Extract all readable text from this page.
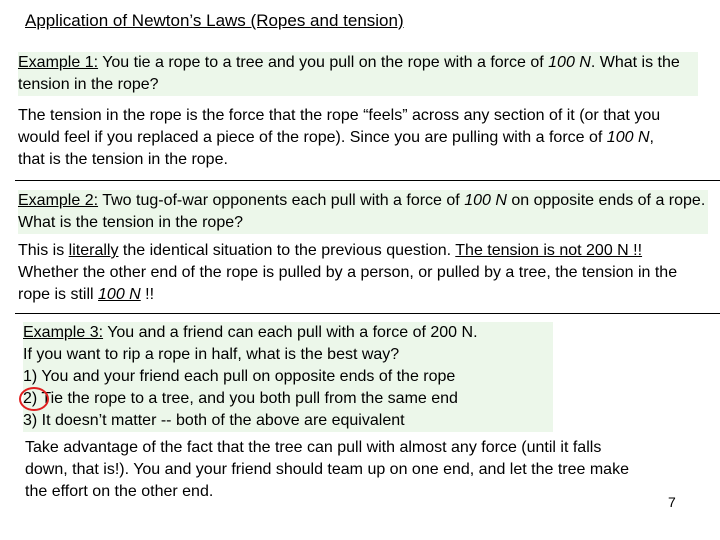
Application of Newton’s Laws (Ropes and tension)
Example 1: You tie a rope to a tree and you pull on the rope with a force of 100 N. What is the tension in the rope?
The tension in the rope is the force that the rope “feels” across any section of it (or that you would feel if you replaced a piece of the rope). Since you are pulling with a force of 100 N, that is the tension in the rope.
Example 2: Two tug-of-war opponents each pull with a force of 100 N on opposite ends of a rope. What is the tension in the rope?
This is literally the identical situation to the previous question. The tension is not 200 N !! Whether the other end of the rope is pulled by a person, or pulled by a tree, the tension in the rope is still 100 N !!

Example 3: You and a friend can each pull with a force of 200 N.

If you want to rip a rope in half, what is the best way?

1) You and your friend each pull on opposite ends of the rope

2) Tie the rope to a tree, and you both pull from the same end

3) It doesn’t matter -- both of the above are equivalent

Take advantage of the fact that the tree can pull with almost any force (until it falls down, that is!). You and your friend should team up on one end, and let the tree make the effort on the other end.
7
